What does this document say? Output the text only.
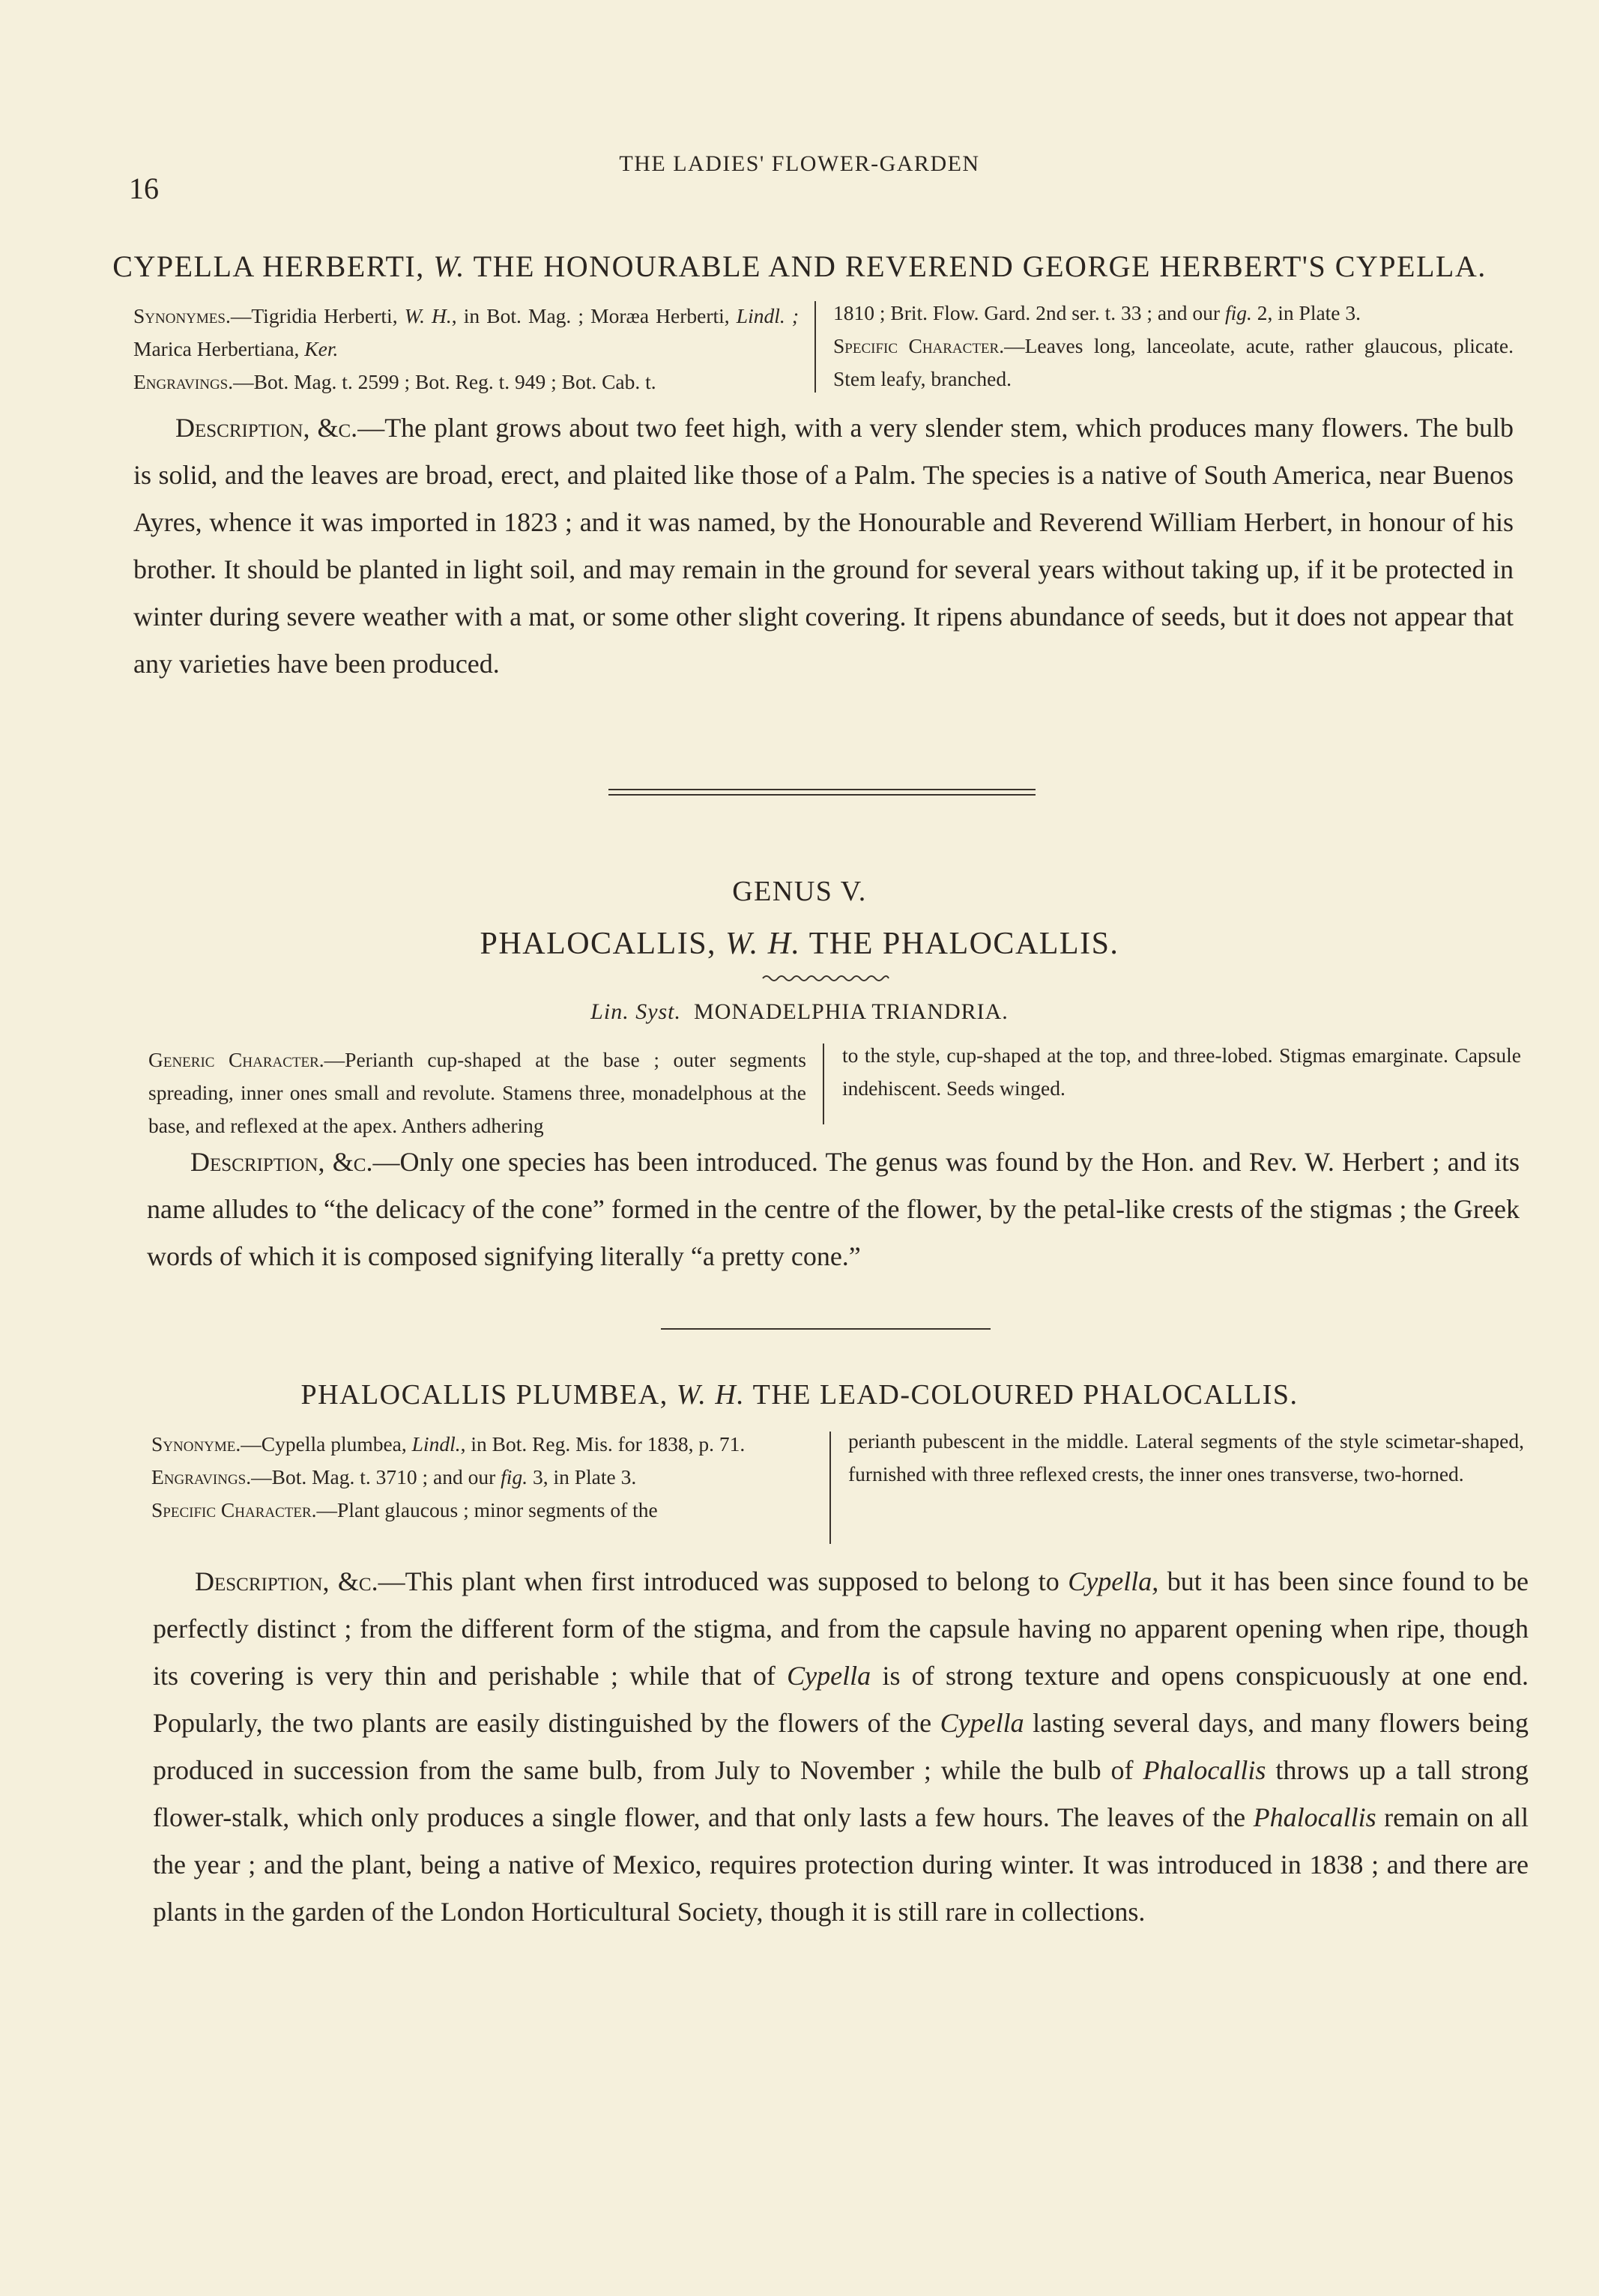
16
THE LADIES' FLOWER-GARDEN
CYPELLA HERBERTI, W. THE HONOURABLE AND REVEREND GEORGE HERBERT'S CYPELLA.

Synonymes.—Tigridia Herberti, W. H., in Bot. Mag. ; Moræa Herberti, Lindl. ; Marica Herbertiana, Ker.

Engravings.—Bot. Mag. t. 2599 ; Bot. Reg. t. 949 ; Bot. Cab. t.

1810 ; Brit. Flow. Gard. 2nd ser. t. 33 ; and our fig. 2, in Plate 3.

Specific Character.—Leaves long, lanceolate, acute, rather glaucous, plicate. Stem leafy, branched.

Description, &c.—The plant grows about two feet high, with a very slender stem, which produces many flowers. The bulb is solid, and the leaves are broad, erect, and plaited like those of a Palm. The species is a native of South America, near Buenos Ayres, whence it was imported in 1823 ; and it was named, by the Honourable and Reverend William Herbert, in honour of his brother. It should be planted in light soil, and may remain in the ground for several years without taking up, if it be protected in winter during severe weather with a mat, or some other slight covering. It ripens abundance of seeds, but it does not appear that any varieties have been produced.
GENUS V.
PHALOCALLIS, W. H. THE PHALOCALLIS.
Lin. Syst. MONADELPHIA TRIANDRIA.

Generic Character.—Perianth cup-shaped at the base ; outer segments spreading, inner ones small and revolute. Stamens three, monadelphous at the base, and reflexed at the apex. Anthers adhering

to the style, cup-shaped at the top, and three-lobed. Stigmas emarginate. Capsule indehiscent. Seeds winged.

Description, &c.—Only one species has been introduced. The genus was found by the Hon. and Rev. W. Herbert ; and its name alludes to “the delicacy of the cone” formed in the centre of the flower, by the petal-like crests of the stigmas ; the Greek words of which it is composed signifying literally “a pretty cone.”
PHALOCALLIS PLUMBEA, W. H. THE LEAD-COLOURED PHALOCALLIS.

Synonyme.—Cypella plumbea, Lindl., in Bot. Reg. Mis. for 1838, p. 71.

Engravings.—Bot. Mag. t. 3710 ; and our fig. 3, in Plate 3.

Specific Character.—Plant glaucous ; minor segments of the

perianth pubescent in the middle. Lateral segments of the style scimetar-shaped, furnished with three reflexed crests, the inner ones transverse, two-horned.

Description, &c.—This plant when first introduced was supposed to belong to Cypella, but it has been since found to be perfectly distinct ; from the different form of the stigma, and from the capsule having no apparent opening when ripe, though its covering is very thin and perishable ; while that of Cypella is of strong texture and opens conspicuously at one end. Popularly, the two plants are easily distinguished by the flowers of the Cypella lasting several days, and many flowers being produced in succession from the same bulb, from July to November ; while the bulb of Phalocallis throws up a tall strong flower-stalk, which only produces a single flower, and that only lasts a few hours. The leaves of the Phalocallis remain on all the year ; and the plant, being a native of Mexico, requires protection during winter. It was introduced in 1838 ; and there are plants in the garden of the London Horticultural Society, though it is still rare in collections.
